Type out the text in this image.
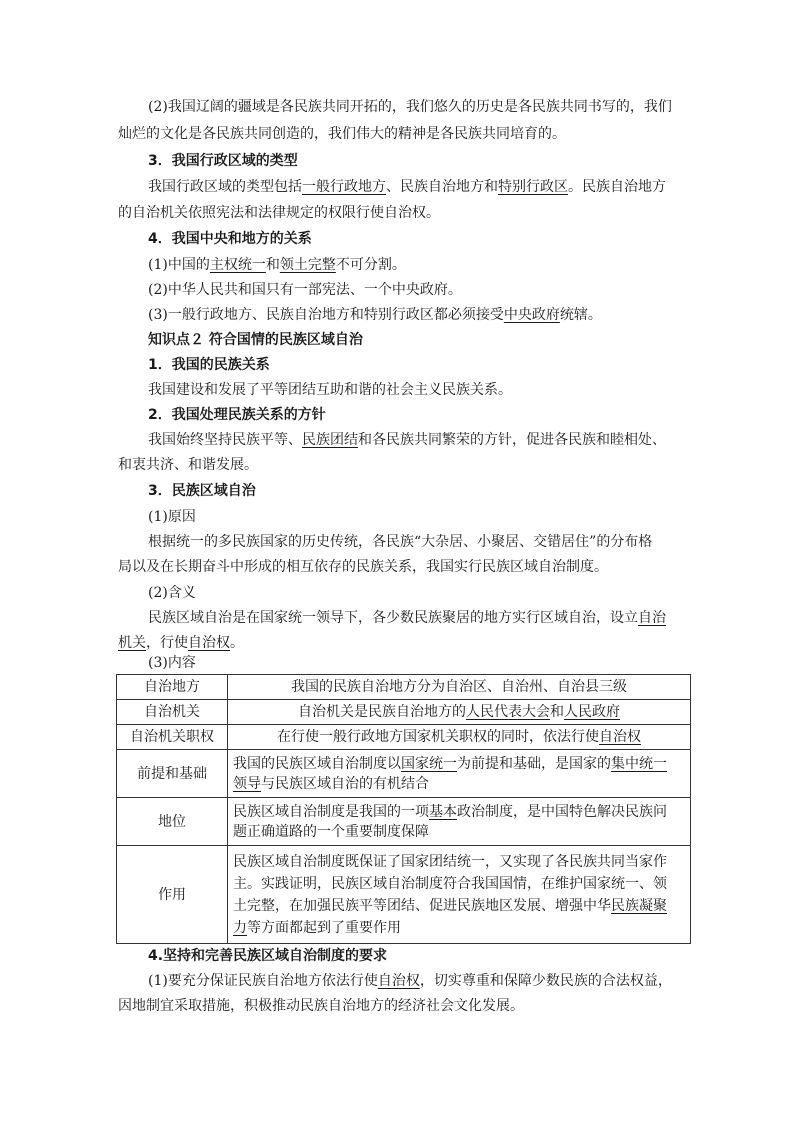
(2)我国辽阔的疆域是各民族共同开拓的，我们悠久的历史是各民族共同书写的，我们
灿烂的文化是各民族共同创造的，我们伟大的精神是各民族共同培育的。
3．我国行政区域的类型
我国行政区域的类型包括一般行政地方、民族自治地方和特别行政区。民族自治地方
的自治机关依照宪法和法律规定的权限行使自治权。
4．我国中央和地方的关系
(1)中国的主权统一和领土完整不可分割。
(2)中华人民共和国只有一部宪法、一个中央政府。
(3)一般行政地方、民族自治地方和特别行政区都必须接受中央政府统辖。
知识点２ 符合国情的民族区域自治
1．我国的民族关系
我国建设和发展了平等团结互助和谐的社会主义民族关系。
2．我国处理民族关系的方针
我国始终坚持民族平等、民族团结和各民族共同繁荣的方针，促进各民族和睦相处、
和衷共济、和谐发展。
3．民族区域自治
(1)原因
根据统一的多民族国家的历史传统，各民族“大杂居、小聚居、交错居住”的分布格
局以及在长期奋斗中形成的相互依存的民族关系，我国实行民族区域自治制度。
(2)含义
民族区域自治是在国家统一领导下，各少数民族聚居的地方实行区域自治，设立自治
机关，行使自治权。
(3)内容
自治地方	我国的民族自治地方分为自治区、自治州、自治县三级
自治机关	自治机关是民族自治地方的人民代表大会和人民政府
自治机关职权	在行使一般行政地方国家机关职权的同时，依法行使自治权
前提和基础	我国的民族区域自治制度以国家统一为前提和基础，是国家的集中统一
领导与民族区域自治的有机结合
地位	民族区域自治制度是我国的一项基本政治制度，是中国特色解决民族问
题正确道路的一个重要制度保障
作用	民族区域自治制度既保证了国家团结统一，又实现了各民族共同当家作
主。实践证明，民族区域自治制度符合我国国情，在维护国家统一、领
土完整，在加强民族平等团结、促进民族地区发展、增强中华民族凝聚
力等方面都起到了重要作用
4.坚持和完善民族区域自治制度的要求
(1)要充分保证民族自治地方依法行使自治权，切实尊重和保障少数民族的合法权益，
因地制宜采取措施，积极推动民族自治地方的经济社会文化发展。
